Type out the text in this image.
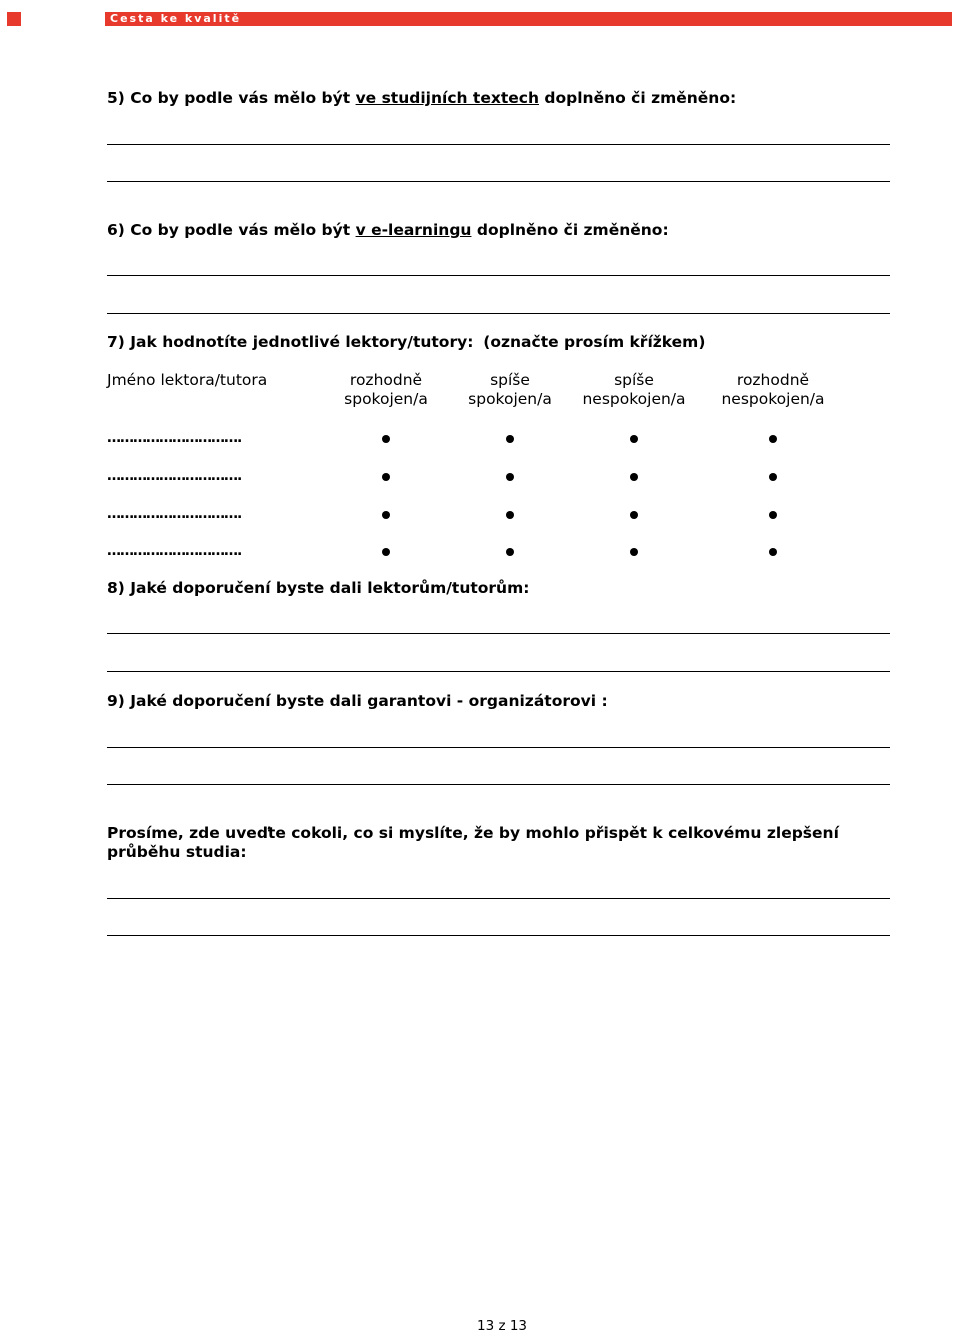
Cesta ke kvalitě
5) Co by podle vás mělo být ve studijních textech doplněno či změněno:
6) Co by podle vás mělo být v e-learningu doplněno či změněno:
7) Jak hodnotíte jednotlivé lektory/tutory: (označte prosím křížkem)
Jméno lektora/tutora	rozhodně
spokojen/a
spíše
spokojen/a
spíše
nespokojen/a
rozhodně
nespokojen/a
………………………….
………………………….
………………………….
………………………….
8) Jaké doporučení byste dali lektorům/tutorům:
9) Jaké doporučení byste dali garantovi - organizátorovi :
Prosíme, zde uveďte cokoli, co si myslíte, že by mohlo přispět k celkovému zlepšení průběhu studia:
13 z 13
